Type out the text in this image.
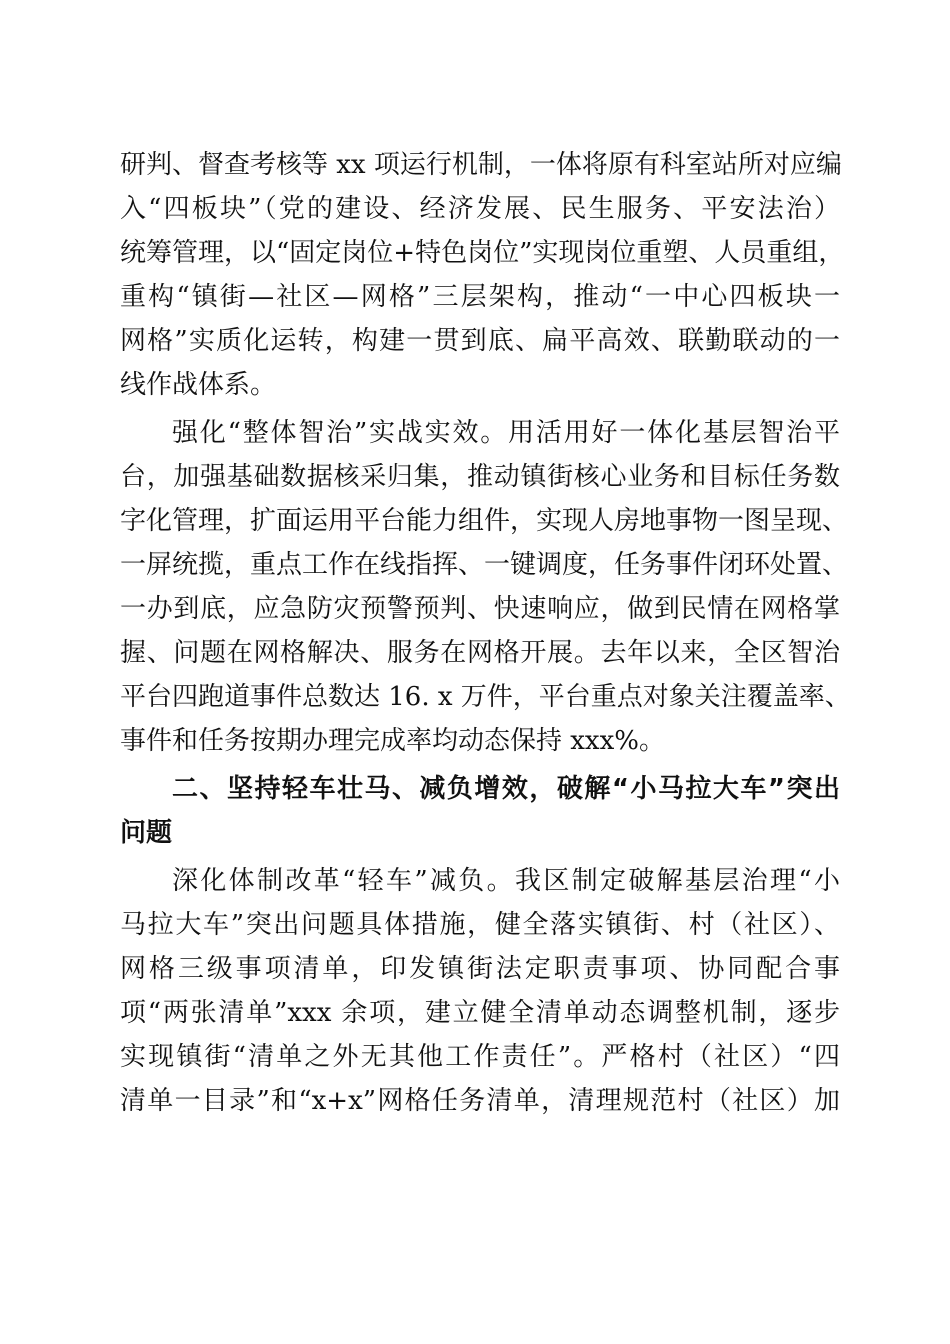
研判、督查考核等 xx 项运行机制，一体将原有科室站所对应编
入“四板块”（党的建设、经济发展、民生服务、平安法治）
统筹管理，以“固定岗位+特色岗位”实现岗位重塑、人员重组，
重构“镇街—社区—网格”三层架构，推动“一中心四板块一
网格”实质化运转，构建一贯到底、扁平高效、联勤联动的一
线作战体系。
强化“整体智治”实战实效。用活用好一体化基层智治平
台，加强基础数据核采归集，推动镇街核心业务和目标任务数
字化管理，扩面运用平台能力组件，实现人房地事物一图呈现、
一屏统揽，重点工作在线指挥、一键调度，任务事件闭环处置、
一办到底，应急防灾预警预判、快速响应，做到民情在网格掌
握、问题在网格解决、服务在网格开展。去年以来，全区智治
平台四跑道事件总数达 16. x 万件，平台重点对象关注覆盖率、
事件和任务按期办理完成率均动态保持 xxx%。
二、坚持轻车壮马、减负增效，破解“小马拉大车”突出
问题
深化体制改革“轻车”减负。我区制定破解基层治理“小
马拉大车”突出问题具体措施，健全落实镇街、村（社区）、
网格三级事项清单，印发镇街法定职责事项、协同配合事
项“两张清单”xxx 余项，建立健全清单动态调整机制，逐步
实现镇街“清单之外无其他工作责任”。严格村（社区）“四
清单一目录”和“x+x”网格任务清单，清理规范村（社区）加
